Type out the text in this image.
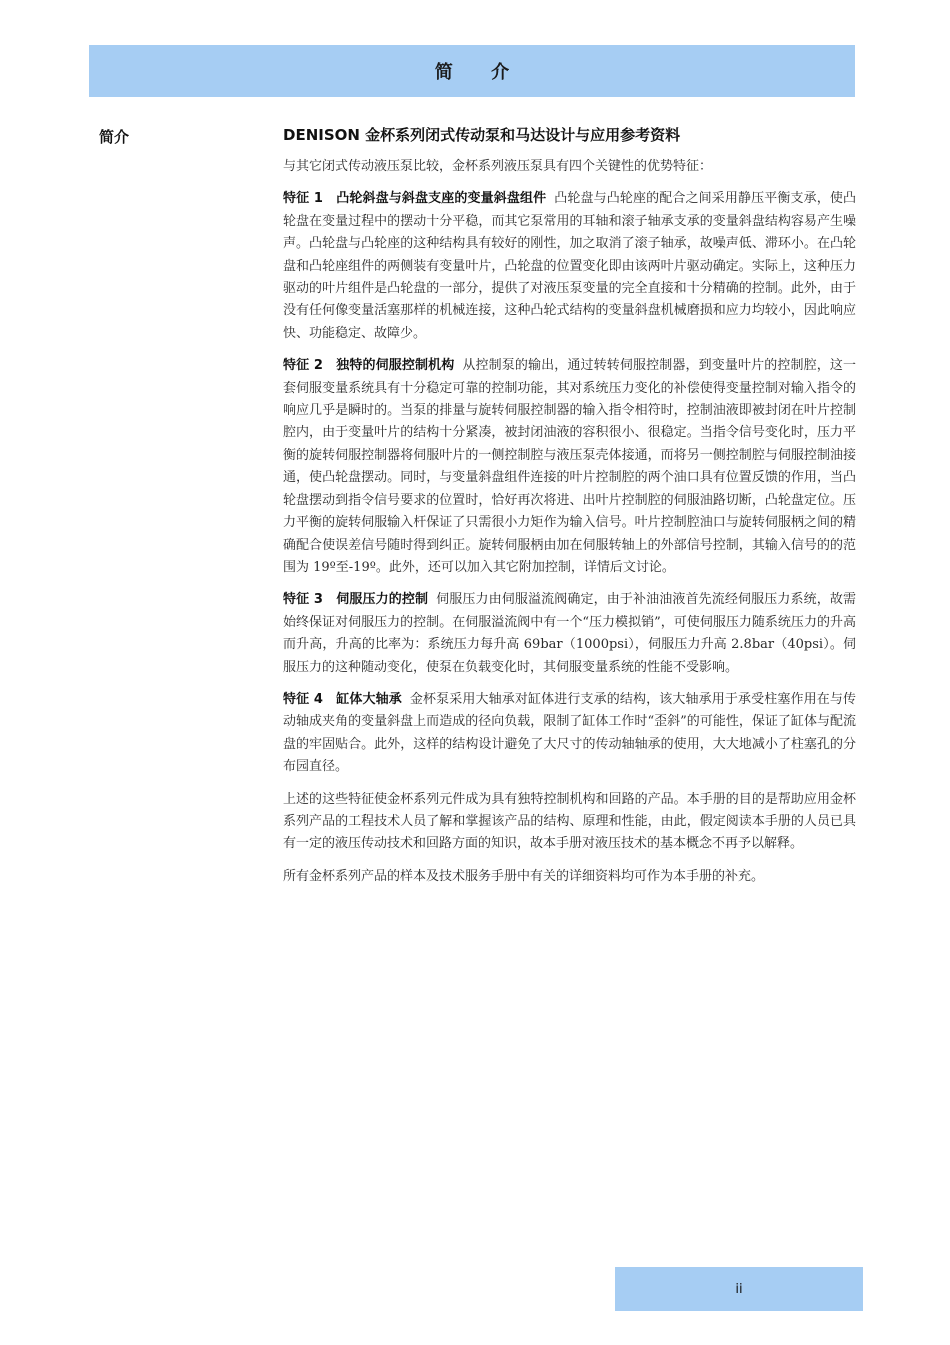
简 介
简介	DENISON 金杯系列闭式传动泵和马达设计与应用参考资料

与其它闭式传动液压泵比较，金杯系列液压泵具有四个关键性的优势特征：

特征 1　凸轮斜盘与斜盘支座的变量斜盘组件 凸轮盘与凸轮座的配合之间采用静压平衡支承，使凸轮盘在变量过程中的摆动十分平稳，而其它泵常用的耳轴和滚子轴承支承的变量斜盘结构容易产生噪声。凸轮盘与凸轮座的这种结构具有较好的刚性，加之取消了滚子轴承，故噪声低、滞环小。在凸轮盘和凸轮座组件的两侧装有变量叶片，凸轮盘的位置变化即由该两叶片驱动确定。实际上，这种压力驱动的叶片组件是凸轮盘的一部分，提供了对液压泵变量的完全直接和十分精确的控制。此外，由于没有任何像变量活塞那样的机械连接，这种凸轮式结构的变量斜盘机械磨损和应力均较小，因此响应快、功能稳定、故障少。

特征 2　独特的伺服控制机构 从控制泵的输出，通过转转伺服控制器，到变量叶片的控制腔，这一套伺服变量系统具有十分稳定可靠的控制功能，其对系统压力变化的补偿使得变量控制对输入指令的响应几乎是瞬时的。当泵的排量与旋转伺服控制器的输入指令相符时，控制油液即被封闭在叶片控制腔内，由于变量叶片的结构十分紧凑，被封闭油液的容积很小、很稳定。当指令信号变化时，压力平衡的旋转伺服控制器将伺服叶片的一侧控制腔与液压泵壳体接通，而将另一侧控制腔与伺服控制油接通，使凸轮盘摆动。同时，与变量斜盘组件连接的叶片控制腔的两个油口具有位置反馈的作用，当凸轮盘摆动到指令信号要求的位置时，恰好再次将进、出叶片控制腔的伺服油路切断，凸轮盘定位。压力平衡的旋转伺服输入杆保证了只需很小力矩作为输入信号。叶片控制腔油口与旋转伺服柄之间的精确配合使误差信号随时得到纠正。旋转伺服柄由加在伺服转轴上的外部信号控制，其输入信号的的范围为 19º至-19º。此外，还可以加入其它附加控制，详情后文讨论。

特征 3　伺服压力的控制 伺服压力由伺服溢流阀确定，由于补油油液首先流经伺服压力系统，故需始终保证对伺服压力的控制。在伺服溢流阀中有一个“压力模拟销”，可使伺服压力随系统压力的升高而升高，升高的比率为：系统压力每升高 69bar（1000psi），伺服压力升高 2.8bar（40psi）。伺服压力的这种随动变化，使泵在负载变化时，其伺服变量系统的性能不受影响。

特征 4　缸体大轴承 金杯泵采用大轴承对缸体进行支承的结构，该大轴承用于承受柱塞作用在与传动轴成夹角的变量斜盘上而造成的径向负载，限制了缸体工作时“歪斜”的可能性，保证了缸体与配流盘的牢固贴合。此外，这样的结构设计避免了大尺寸的传动轴轴承的使用，大大地减小了柱塞孔的分布园直径。

上述的这些特征使金杯系列元件成为具有独特控制机构和回路的产品。本手册的目的是帮助应用金杯系列产品的工程技术人员了解和掌握该产品的结构、原理和性能，由此，假定阅读本手册的人员已具有一定的液压传动技术和回路方面的知识，故本手册对液压技术的基本概念不再予以解释。

所有金杯系列产品的样本及技术服务手册中有关的详细资料均可作为本手册的补充。

ii
